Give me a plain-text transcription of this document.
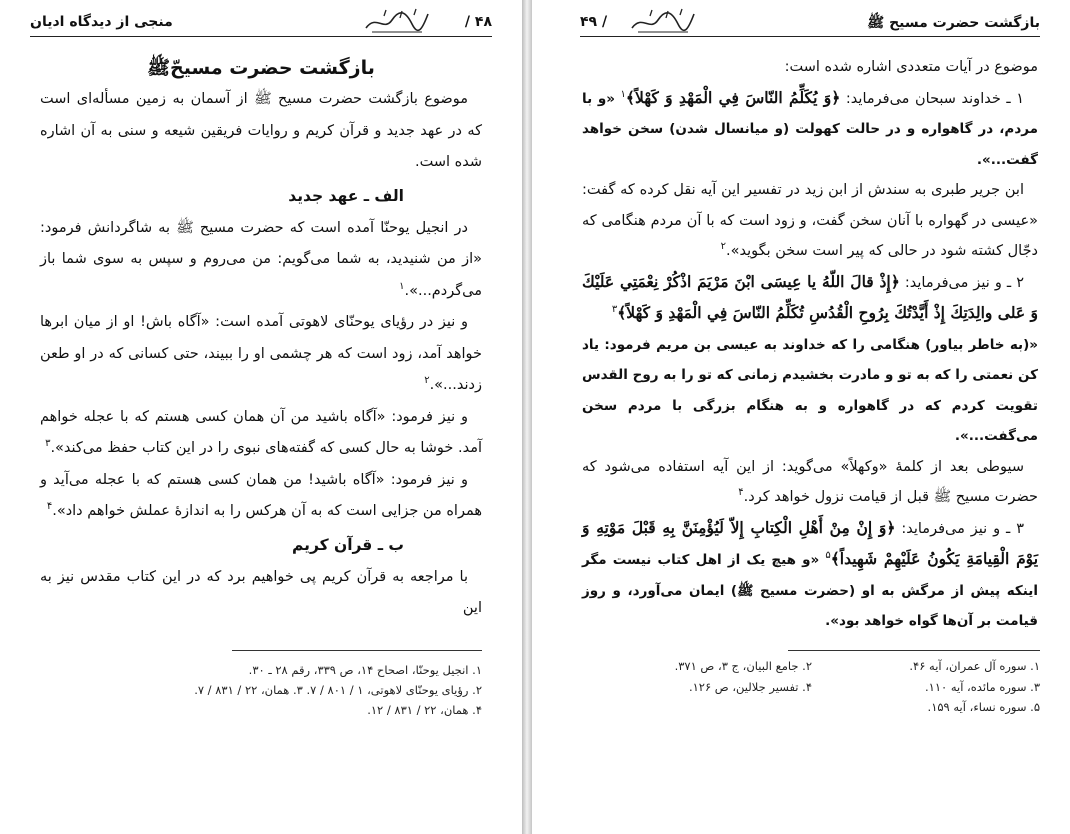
۴۸ /
منجی از دیدگاه ادیان

بازگشت حضرت مسیحّﷺ

موضوع بازگشت حضرت مسیح ﷺ از آسمان به زمین مسأله‌ای است که در عهد جدید و قرآن کریم و روایات فریقین شیعه و سنی به آن اشاره شده است.

الف ـ عهد جدید

در انجیل یوحنّا آمده است که حضرت مسیح ﷺ به شاگردانش فرمود: «از من شنیدید، به شما می‌گویم: من می‌روم و سپس به سوی شما باز می‌گردم...».$^۱$

و نیز در رؤیای یوحنّای لاهوتی آمده است: «آگاه باش! او از میان ابرها خواهد آمد، زود است که هر چشمی او را ببیند، حتی کسانی که در او طعن زدند...».$^۲$

و نیز فرمود: «آگاه باشید من آن همان کسی هستم که با عجله خواهم آمد. خوشا به حال کسی که گفته‌های نبوی را در این کتاب حفظ می‌کند».$^۳$

و نیز فرمود: «آگاه باشید! من همان کسی هستم که با عجله می‌آید و همراه من جزایی است که به آن هرکس را به اندازهٔ عملش خواهم داد».$^۴$

ب ـ قرآن کریم

با مراجعه به قرآن کریم پی خواهیم برد که در این کتاب مقدس نیز به این

۱. انجیل یوحنّا، اصحاح ۱۴، ص ۳۳۹، رقم ۲۸ ـ ۳۰.
۲. رؤیای یوحنّای لاهوتی، ۱ / ۸۰۱ / ۷. ۳. همان، ۲۲ / ۸۳۱ / ۷.
۴. همان، ۲۲ / ۸۳۱ / ۱۲.
بازگشت حضرت مسیح ﷺ
/ ۴۹

موضوع در آیات متعددی اشاره شده است:

۱ ـ خداوند سبحان می‌فرماید: ﴿وَ يُكَلِّمُ النّاسَ فِي الْمَهْدِ وَ كَهْلاً﴾$^۱$ «و با مردم، در گاهواره و در حالت کهولت (و میانسال شدن) سخن خواهد گفت...».

ابن جریر طبری به سندش از ابن زید در تفسیر این آیه نقل کرده که گفت: «عیسی در گهواره با آنان سخن گفت، و زود است که با آن مردم هنگامی که دجّال کشته شود در حالی که پیر است سخن بگوید».$^۲$

۲ ـ و نیز می‌فرماید: ﴿إِذْ قالَ اللّهُ يا عِيسَى ابْنَ مَرْيَمَ اذْكُرْ نِعْمَتِي عَلَيْكَ وَ عَلى والِدَتِكَ إِذْ أَيَّدْتُكَ بِرُوحِ الْقُدُسِ تُكَلِّمُ النّاسَ فِي الْمَهْدِ وَ كَهْلاً﴾$^۳$

«(به خاطر بیاور) هنگامی را که خداوند به عیسی بن مریم فرمود: یاد کن نعمتی را که به تو و مادرت بخشیدم زمانی که تو را به روح القدس تقویت کردم که در گاهواره و به هنگام بزرگی با مردم سخن می‌گفت...».

سیوطی بعد از کلمهٔ «وکهلاً» می‌گوید: از این آیه استفاده می‌شود که حضرت مسیح ﷺ قبل از قیامت نزول خواهد کرد.$^۴$

۳ ـ و نیز می‌فرماید: ﴿وَ إِنْ مِنْ أَهْلِ الْكِتابِ إِلاّ لَيُؤْمِنَنَّ بِهِ قَبْلَ مَوْتِهِ وَ يَوْمَ الْقِيامَةِ يَكُونُ عَلَيْهِمْ شَهِيداً﴾$^۵$ «و هیچ یک از اهل کتاب نیست مگر اینکه پیش از مرگش به او (حضرت مسیح ﷺ) ایمان می‌آورد، و روز قیامت بر آن‌ها گواه خواهد بود».

۱. سوره آل عمران، آیه ۴۶.
۳. سوره مائده، آیه ۱۱۰.
۵. سوره نساء، آیه ۱۵۹.
۲. جامع البیان، ج ۳، ص ۳۷۱.
۴. تفسیر جلالین، ص ۱۲۶.
